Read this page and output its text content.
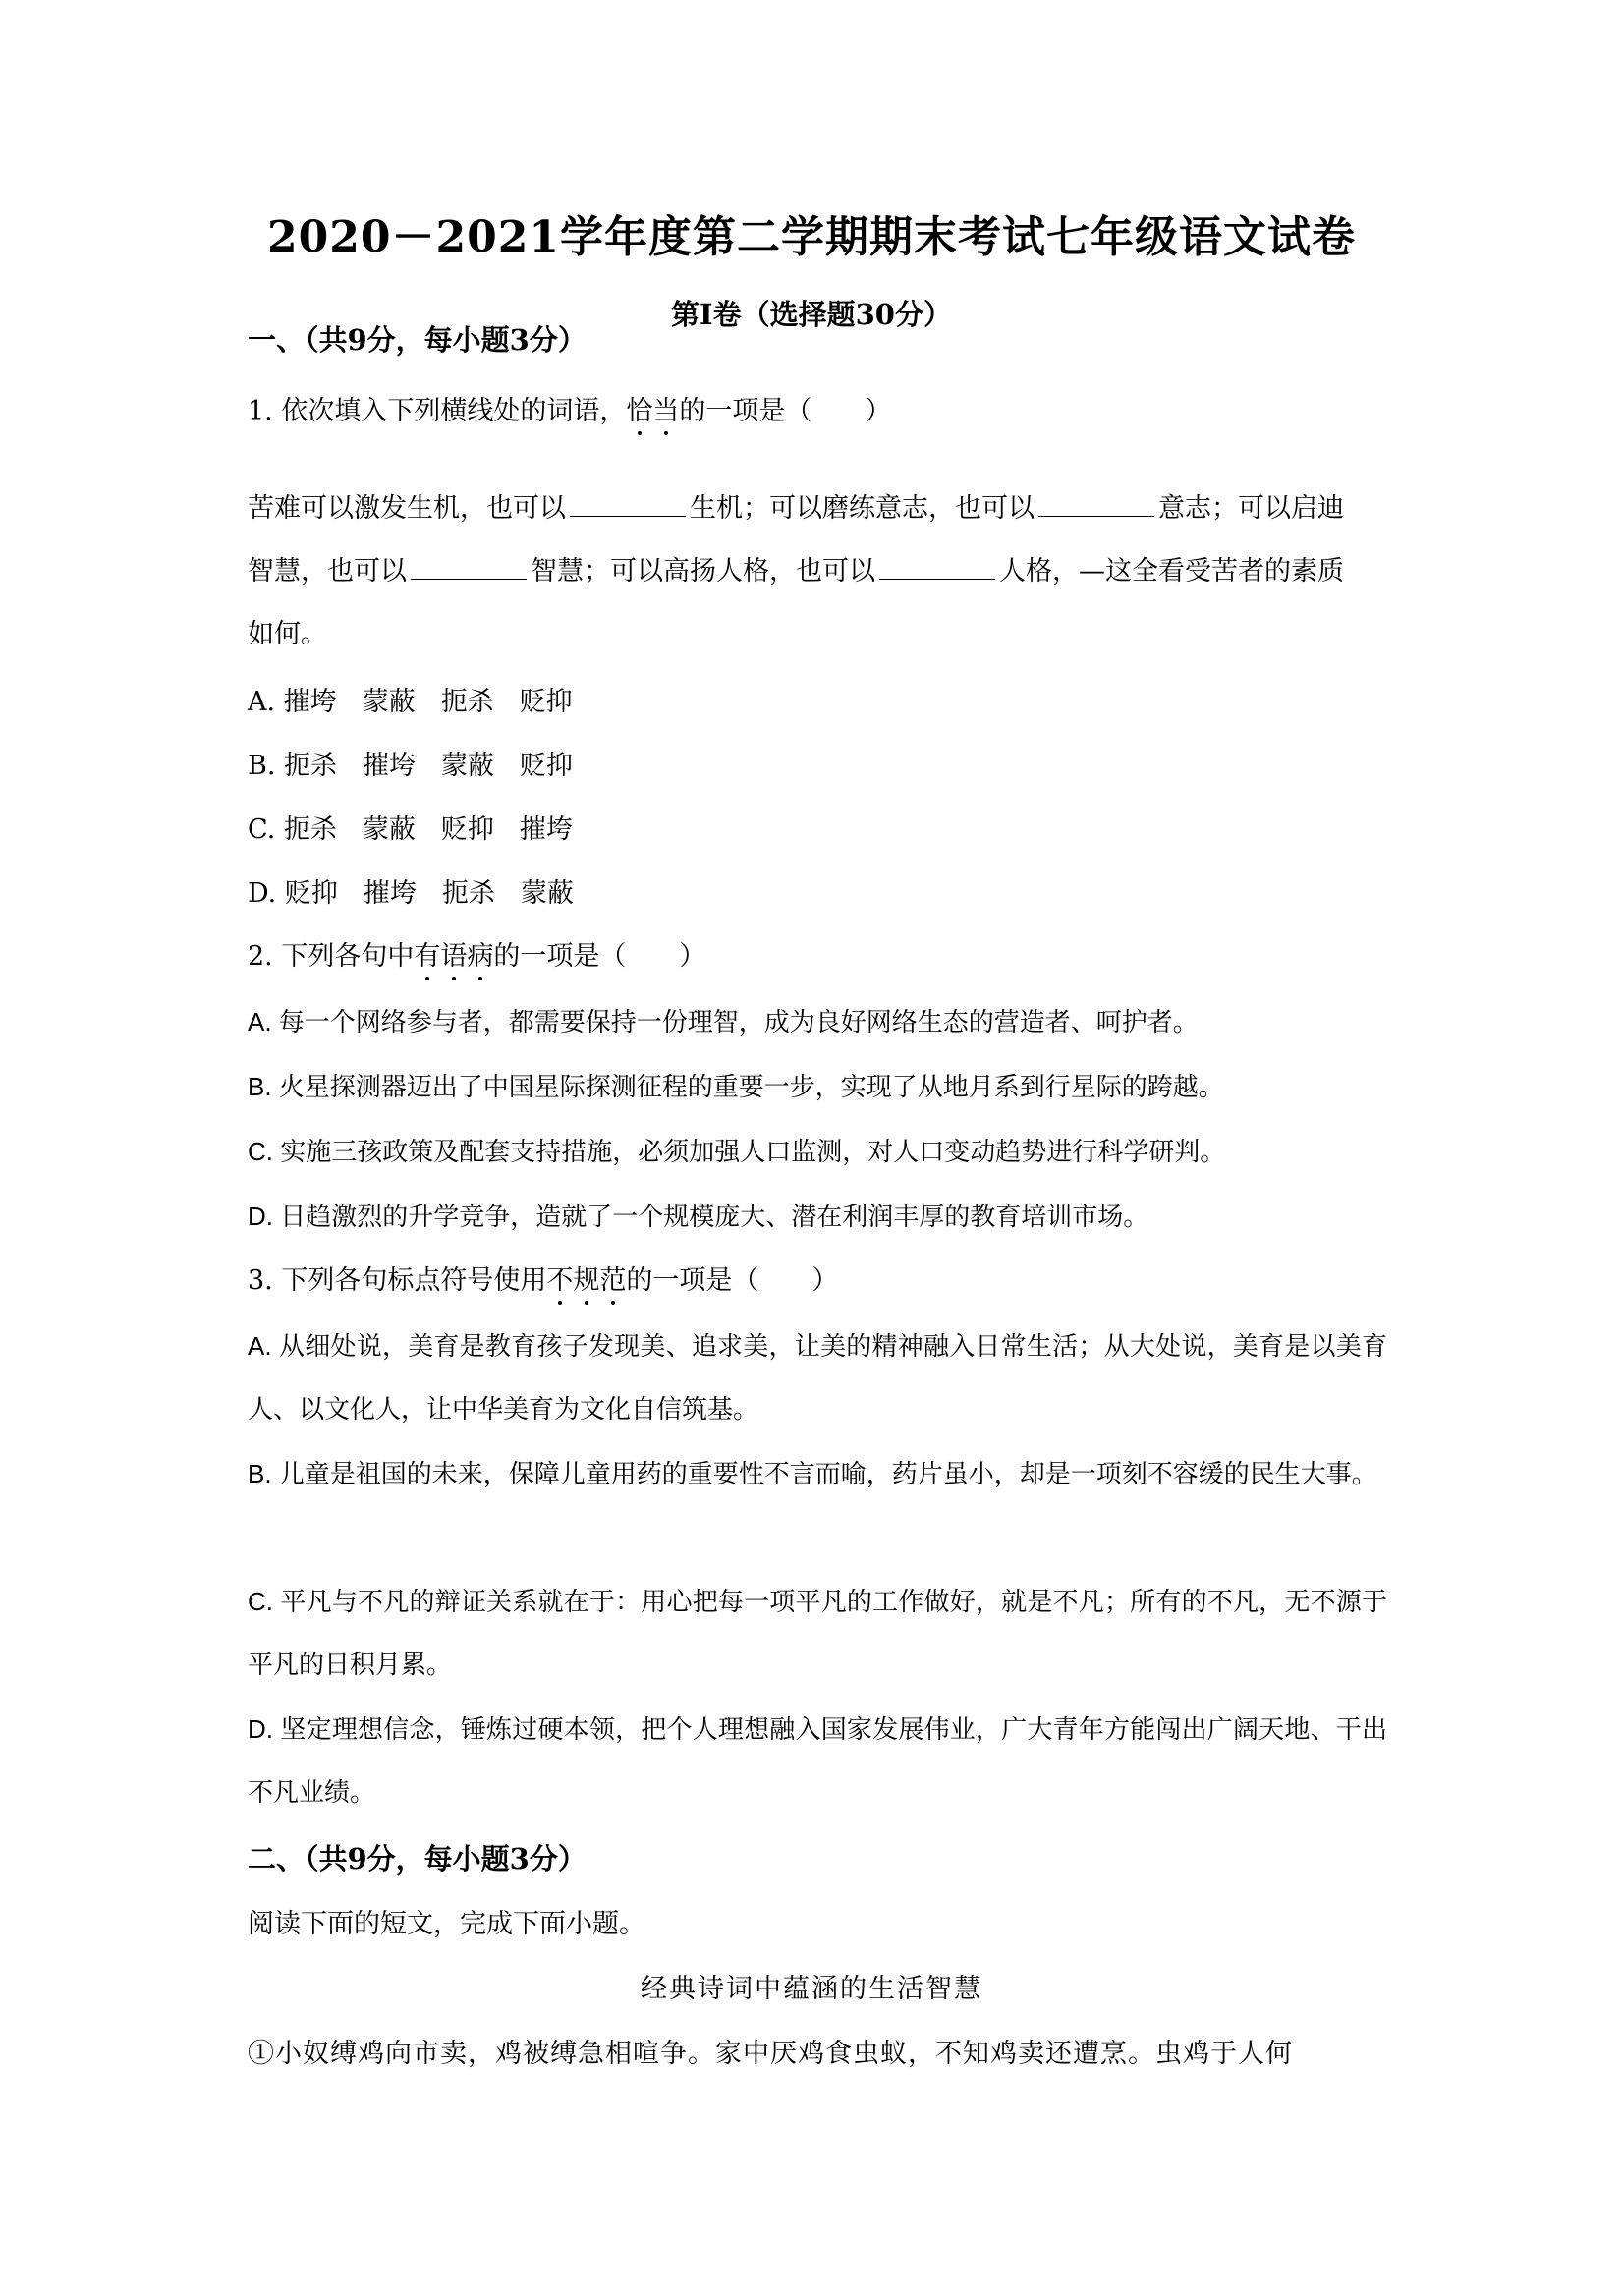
2020－2021学年度第二学期期末考试七年级语文试卷
第Ⅰ卷（选择题30分）
一、（共9分，每小题3分）
1. 依次填入下列横线处的词语，恰当的一项是（　　）
苦难可以激发生机，也可以	生机；可以磨练意志，也可以	意志；可以启迪
智慧，也可以	智慧；可以高扬人格，也可以	人格，—这全看受苦者的素质
如何。
A. 摧垮 蒙蔽 扼杀 贬抑
B. 扼杀 摧垮 蒙蔽 贬抑
C. 扼杀 蒙蔽 贬抑 摧垮
D. 贬抑 摧垮 扼杀 蒙蔽
2. 下列各句中有语病的一项是（　　）
A. 每一个网络参与者，都需要保持一份理智，成为良好网络生态的营造者、呵护者。
B. 火星探测器迈出了中国星际探测征程的重要一步，实现了从地月系到行星际的跨越。
C. 实施三孩政策及配套支持措施，必须加强人口监测，对人口变动趋势进行科学研判。
D. 日趋激烈的升学竞争，造就了一个规模庞大、潜在利润丰厚的教育培训市场。
3. 下列各句标点符号使用不规范的一项是（　　）
A. 从细处说，美育是教育孩子发现美、追求美，让美的精神融入日常生活；从大处说，美育是以美育人、以文化人，让中华美育为文化自信筑基。
B. 儿童是祖国的未来，保障儿童用药的重要性不言而喻，药片虽小，却是一项刻不容缓的民生大事。
C. 平凡与不凡的辩证关系就在于：用心把每一项平凡的工作做好，就是不凡；所有的不凡，无不源于平凡的日积月累。
D. 坚定理想信念，锤炼过硬本领，把个人理想融入国家发展伟业，广大青年方能闯出广阔天地、干出不凡业绩。
二、（共9分，每小题3分）
阅读下面的短文，完成下面小题。
经典诗词中蕴涵的生活智慧
①小奴缚鸡向市卖，鸡被缚急相喧争。家中厌鸡食虫蚁，不知鸡卖还遭烹。虫鸡于人何
